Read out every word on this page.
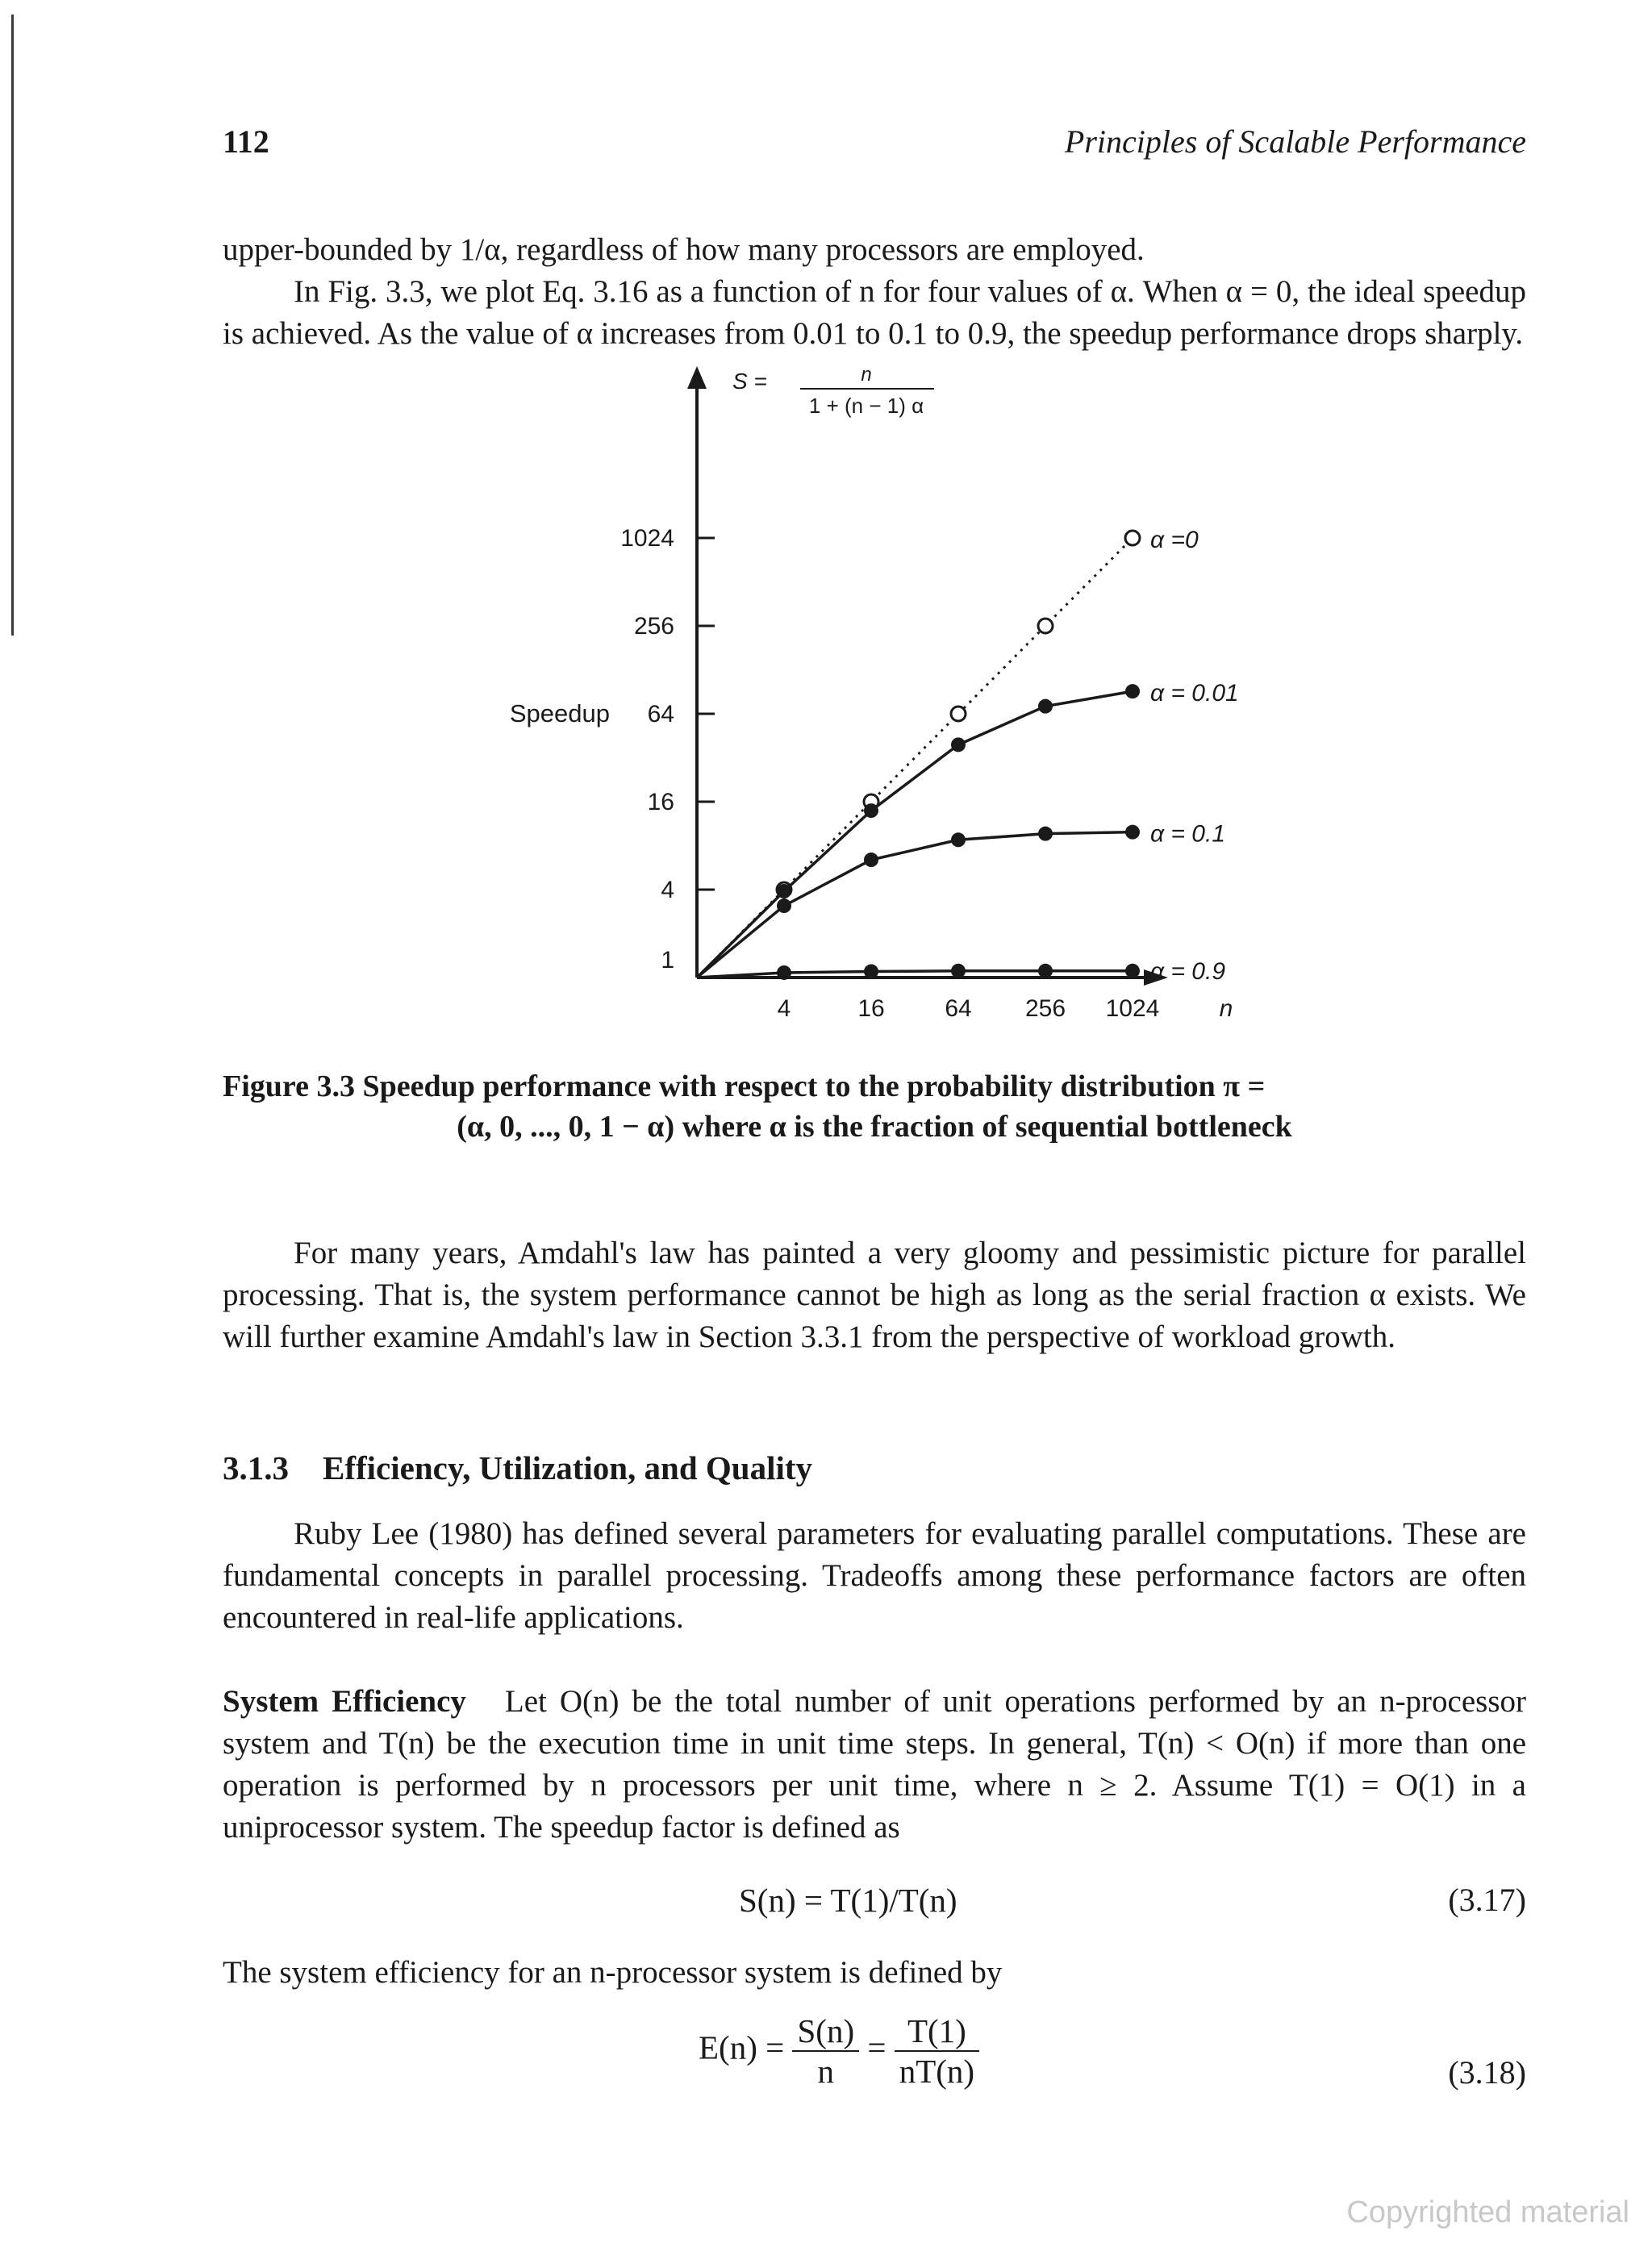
112	Principles of Scalable Performance

upper-bounded by 1/α, regardless of how many processors are employed.

In Fig. 3.3, we plot Eq. 3.16 as a function of n for four values of α. When α = 0, the ideal speedup is achieved. As the value of α increases from 0.01 to 0.1 to 0.9, the speedup performance drops sharply.

1
4
16
64
256
1024
Speedup
4	16 64 256 1024 n
α =0
α = 0.01
α = 0.1
α = 0.9
S =	n
1 + (n − 1) α
Figure 3.3 Speedup performance with respect to the probability distribution π =
(α, 0, ..., 0, 1 − α) where α is the fraction of sequential bottleneck

For many years, Amdahl's law has painted a very gloomy and pessimistic picture for parallel processing. That is, the system performance cannot be high as long as the serial fraction α exists. We will further examine Amdahl's law in Section 3.3.1 from the perspective of workload growth.

3.1.3 Efficiency, Utilization, and Quality

Ruby Lee (1980) has defined several parameters for evaluating parallel computations. These are fundamental concepts in parallel processing. Tradeoffs among these performance factors are often encountered in real-life applications.

System Efficiency Let O(n) be the total number of unit operations performed by an n-processor system and T(n) be the execution time in unit time steps. In general, T(n) < O(n) if more than one operation is performed by n processors per unit time, where n ≥ 2. Assume T(1) = O(1) in a uniprocessor system. The speedup factor is defined as

S(n) = T(1)/T(n)	(3.17)

The system efficiency for an n-processor system is defined by

$E(n) = \frac{S(n)}{n} = \frac{T(1)}{nT(n)}$	(3.18)
Copyrighted material
